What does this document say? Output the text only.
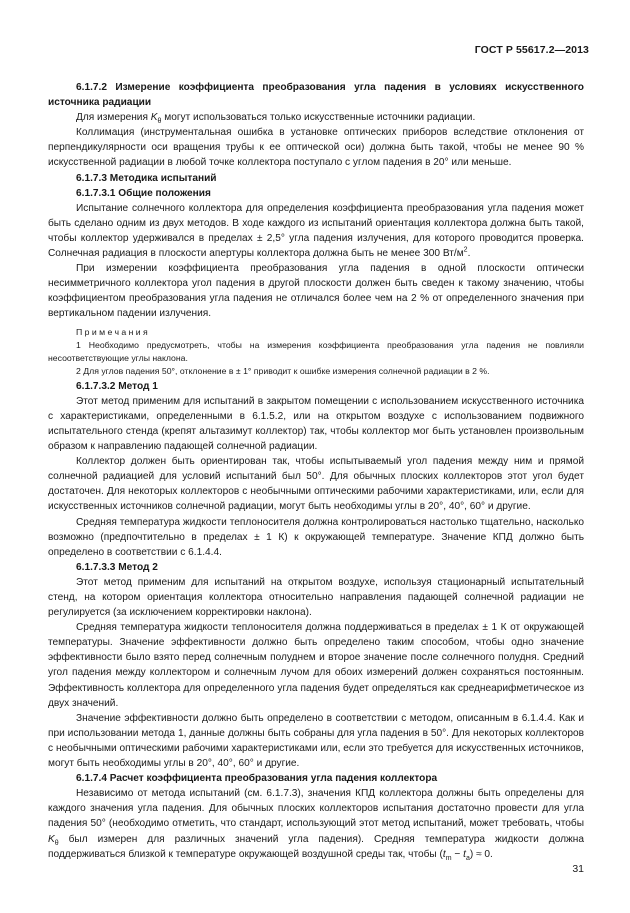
ГОСТ Р 55617.2—2013

6.1.7.2 Измерение коэффициента преобразования угла падения в условиях искусственного источника радиации

Для измерения $K_\theta$ могут использоваться только искусственные источники радиации.

Коллимация (инструментальная ошибка в установке оптических приборов вследствие отклонения от перпендикулярности оси вращения трубы к ее оптической оси) должна быть такой, чтобы не менее 90 % искусственной радиации в любой точке коллектора поступало с углом падения в 20° или меньше.

6.1.7.3 Методика испытаний

6.1.7.3.1 Общие положения

Испытание солнечного коллектора для определения коэффициента преобразования угла падения может быть сделано одним из двух методов. В ходе каждого из испытаний ориентация коллектора должна быть такой, чтобы коллектор удерживался в пределах ± 2,5° угла падения излучения, для которого проводится проверка. Солнечная радиация в плоскости апертуры коллектора должна быть не менее 300 $Вт/м^2$.

При измерении коэффициента преобразования угла падения в одной плоскости оптически несимметричного коллектора угол падения в другой плоскости должен быть сведен к такому значению, чтобы коэффициентом преобразования угла падения не отличался более чем на 2 % от определенного значения при вертикальном падении излучения.

Примечания

1 Необходимо предусмотреть, чтобы на измерения коэффициента преобразования угла падения не повлияли несоответствующие углы наклона.

2 Для углов падения 50°, отклонение в ± 1° приводит к ошибке измерения солнечной радиации в 2 %.

6.1.7.3.2 Метод 1

Этот метод применим для испытаний в закрытом помещении с использованием искусственного источника с характеристиками, определенными в 6.1.5.2, или на открытом воздухе с использованием подвижного испытательного стенда (крепят альтазимут коллектор) так, чтобы коллектор мог быть установлен произвольным образом к направлению падающей солнечной радиации.

Коллектор должен быть ориентирован так, чтобы испытываемый угол падения между ним и прямой солнечной радиацией для условий испытаний был 50°. Для обычных плоских коллекторов этот угол будет достаточен. Для некоторых коллекторов с необычными оптическими рабочими характеристиками, или, если для искусственных источников солнечной радиации, могут быть необходимы углы в 20°, 40°, 60° и другие.

Средняя температура жидкости теплоносителя должна контролироваться настолько тщательно, насколько возможно (предпочтительно в пределах ± 1 К) к окружающей температуре. Значение КПД должно быть определено в соответствии с 6.1.4.4.

6.1.7.3.3 Метод 2

Этот метод применим для испытаний на открытом воздухе, используя стационарный испытательный стенд, на котором ориентация коллектора относительно направления падающей солнечной радиации не регулируется (за исключением корректировки наклона).

Средняя температура жидкости теплоносителя должна поддерживаться в пределах ± 1 К от окружающей температуры. Значение эффективности должно быть определено таким способом, чтобы одно значение эффективности было взято перед солнечным полуднем и второе значение после солнечного полудня. Средний угол падения между коллектором и солнечным лучом для обоих измерений должен сохраняться постоянным. Эффективность коллектора для определенного угла падения будет определяться как среднеарифметическое из двух значений.

Значение эффективности должно быть определено в соответствии с методом, описанным в 6.1.4.4. Как и при использовании метода 1, данные должны быть собраны для угла падения в 50°. Для некоторых коллекторов с необычными оптическими рабочими характеристиками или, если это требуется для искусственных источников, могут быть необходимы углы в 20°, 40°, 60° и другие.

6.1.7.4 Расчет коэффициента преобразования угла падения коллектора

Независимо от метода испытаний (см. 6.1.7.3), значения КПД коллектора должны быть определены для каждого значения угла падения. Для обычных плоских коллекторов испытания достаточно провести для угла падения 50° (необходимо отметить, что стандарт, использующий этот метод испытаний, может требовать, чтобы $K_\theta$ был измерен для различных значений угла падения). Средняя температура жидкости должна поддерживаться близкой к температуре окружающей воздушной среды так, чтобы $(t_m - t_a) \approx 0$.

31
